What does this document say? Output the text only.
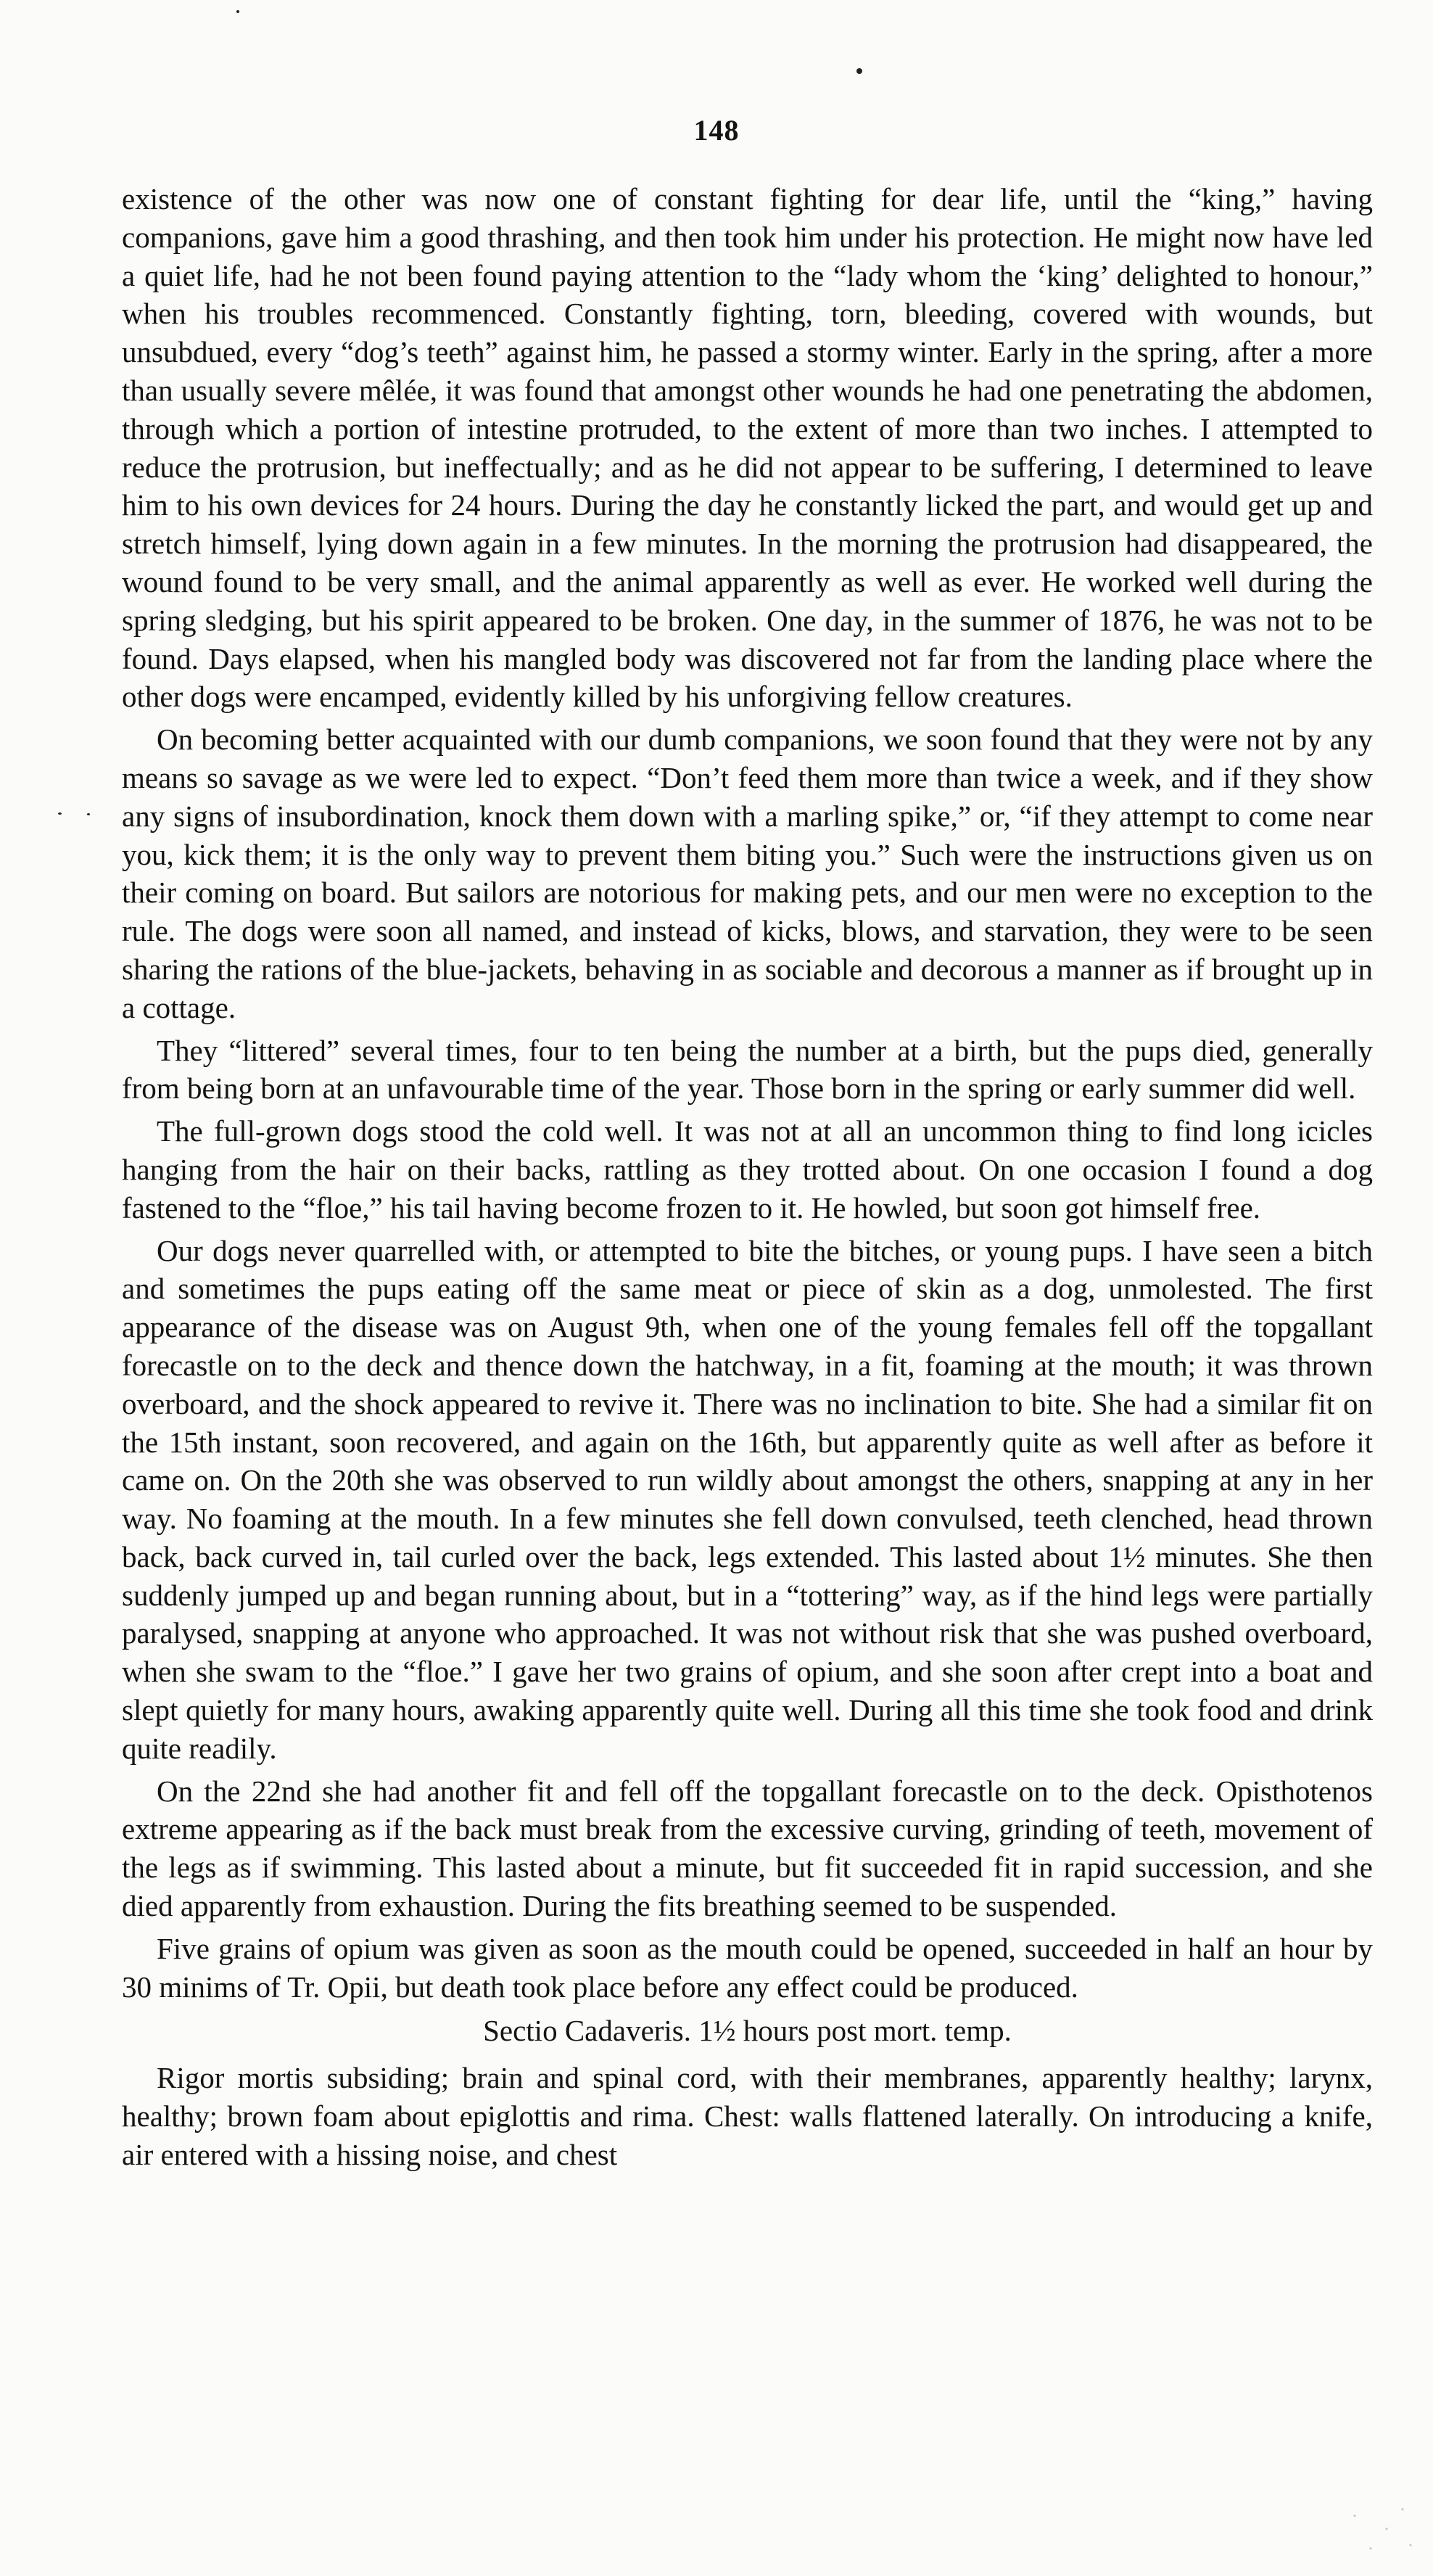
148

existence of the other was now one of constant fighting for dear life, until the “king,” having companions, gave him a good thrashing, and then took him under his protection. He might now have led a quiet life, had he not been found paying attention to the “lady whom the ‘king’ delighted to honour,” when his troubles recommenced. Constantly fighting, torn, bleeding, covered with wounds, but unsubdued, every “dog’s teeth” against him, he passed a stormy winter. Early in the spring, after a more than usually severe mêlée, it was found that amongst other wounds he had one penetrating the abdomen, through which a portion of intestine protruded, to the extent of more than two inches. I attempted to reduce the protrusion, but ineffectually; and as he did not appear to be suffering, I determined to leave him to his own devices for 24 hours. During the day he constantly licked the part, and would get up and stretch himself, lying down again in a few minutes. In the morning the protrusion had disappeared, the wound found to be very small, and the animal apparently as well as ever. He worked well during the spring sledging, but his spirit appeared to be broken. One day, in the summer of 1876, he was not to be found. Days elapsed, when his mangled body was discovered not far from the landing place where the other dogs were encamped, evidently killed by his unforgiving fellow creatures.

On becoming better acquainted with our dumb companions, we soon found that they were not by any means so savage as we were led to expect. “Don’t feed them more than twice a week, and if they show any signs of insubordination, knock them down with a marling spike,” or, “if they attempt to come near you, kick them; it is the only way to prevent them biting you.” Such were the instructions given us on their coming on board. But sailors are notorious for making pets, and our men were no exception to the rule. The dogs were soon all named, and instead of kicks, blows, and starvation, they were to be seen sharing the rations of the blue-jackets, behaving in as sociable and decorous a manner as if brought up in a cottage.

They “littered” several times, four to ten being the number at a birth, but the pups died, generally from being born at an unfavourable time of the year. Those born in the spring or early summer did well.

The full-grown dogs stood the cold well. It was not at all an uncommon thing to find long icicles hanging from the hair on their backs, rattling as they trotted about. On one occasion I found a dog fastened to the “floe,” his tail having become frozen to it. He howled, but soon got himself free.

Our dogs never quarrelled with, or attempted to bite the bitches, or young pups. I have seen a bitch and sometimes the pups eating off the same meat or piece of skin as a dog, unmolested. The first appearance of the disease was on August 9th, when one of the young females fell off the topgallant forecastle on to the deck and thence down the hatchway, in a fit, foaming at the mouth; it was thrown overboard, and the shock appeared to revive it. There was no inclination to bite. She had a similar fit on the 15th instant, soon recovered, and again on the 16th, but apparently quite as well after as before it came on. On the 20th she was observed to run wildly about amongst the others, snapping at any in her way. No foaming at the mouth. In a few minutes she fell down convulsed, teeth clenched, head thrown back, back curved in, tail curled over the back, legs extended. This lasted about 1½ minutes. She then suddenly jumped up and began running about, but in a “tottering” way, as if the hind legs were partially paralysed, snapping at anyone who approached. It was not without risk that she was pushed overboard, when she swam to the “floe.” I gave her two grains of opium, and she soon after crept into a boat and slept quietly for many hours, awaking apparently quite well. During all this time she took food and drink quite readily.

On the 22nd she had another fit and fell off the topgallant forecastle on to the deck. Opisthotenos extreme appearing as if the back must break from the excessive curving, grinding of teeth, movement of the legs as if swimming. This lasted about a minute, but fit succeeded fit in rapid succession, and she died apparently from exhaustion. During the fits breathing seemed to be suspended.

Five grains of opium was given as soon as the mouth could be opened, succeeded in half an hour by 30 minims of Tr. Opii, but death took place before any effect could be produced.

Sectio Cadaveris. 1½ hours post mort. temp.

Rigor mortis subsiding; brain and spinal cord, with their membranes, apparently healthy; larynx, healthy; brown foam about epiglottis and rima. Chest: walls flattened laterally. On introducing a knife, air entered with a hissing noise, and chest
